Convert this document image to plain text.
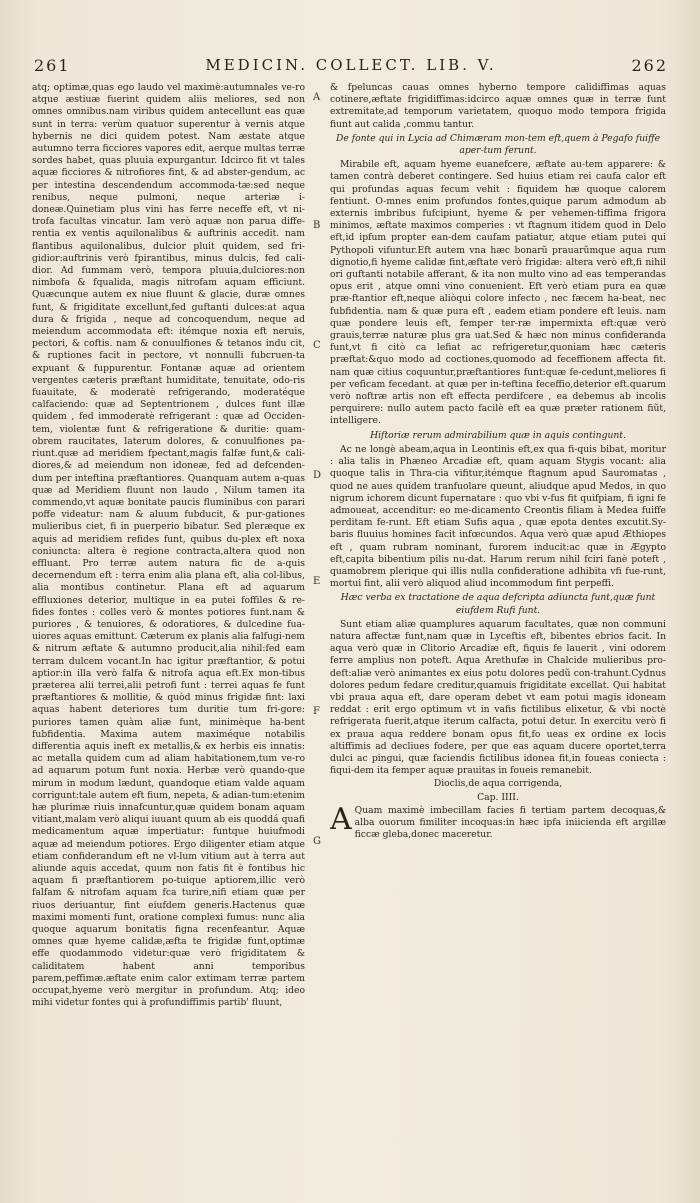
261	MEDICIN. COLLECT. LIB. V.	262

atq; optimæ,quas ego laudo vel maximè:autumnales ve-ro atque æstiuæ fuerint quidem aliis meliores, sed non omnes omnibus.nam viribus quidem antecellunt eas quæ sunt in terra: verùm quatuor superentur à vernis atque hybernis ne dici quidem potest. Nam æstate atque autumno terra ficciores vapores edit, aerque multas terræ sordes habet, quas pluuia expurgantur. Idcirco fit vt tales aquæ ficciores & nitrofiores fint, & ad abster-gendum, ac per intestina descendendum accommoda-tæ:sed neque renibus, neque pulmoni, neque arteriæ i-doneæ.Quinetiam plus vini has ferre neceffe eft, vt ni-trofa facultas vincatur. Iam verò aquæ non parua diffe-rentia ex ventis aquilonalibus & auftrinis accedit. nam flantibus aquilonalibus, dulcior pluit quidem, sed fri-gidior:auftrinis verò fpirantibus, minus dulcis, fed cali-dior. Ad fummam verò, tempora pluuia,dulciores:non nimbofa & fqualida, magis nitrofam aquam efficiunt. Quæcunque autem ex niue fluunt & glacie, duræ omnes funt, & frigiditate excellunt,fed guftanti dulces:at aqua dura & frigida , neque ad concoquendum, neque ad meiendum accommodata eft: itémque noxia eft neruis, pectori, & coftis. nam & conuulfiones & tetanos indu cit, & ruptiones facit in pectore, vt nonnulli fubcruen-ta expuant & fuppurentur. Fontanæ aquæ ad orientem vergentes cæteris præftant humiditate, tenuitate, odo-ris fuauitate, & moderatè refrigerando, moderatéque calfaciendo: quæ ad Septentrionem , dulces funt illæ quidem , fed immoderatè refrigerant : quæ ad Occiden-tem, violentæ funt & refrigeratione & duritie: quam-obrem raucitates, laterum dolores, & conuulfiones pa-riunt.quæ ad meridiem fpectant,magis falfæ funt,& cali-diores,& ad meiendum non idoneæ, fed ad defcenden-dum per inteftina præftantiores. Quanquam autem a-quas quæ ad Meridiem fluunt non laudo , Nilum tamen ita commendo,vt aquæ bonitate paucis fluminibus con parari poffe videatur: nam & aluum fubducit, & pur-gationes mulieribus ciet, fi in puerperio bibatur. Sed pleræque ex aquis ad meridiem refides funt, quibus du-plex eft noxa coniuncta: altera è regione contracta,altera quod non effluant. Pro terræ autem natura fic de a-quis decernendum eft : terra enim alia plana eft, alia col-libus, alia montibus continetur. Plana eft ad aquarum effluxiones deterior, multique in ea putei foffiles & re-fides fontes : colles verò & montes potiores funt.nam & puriores , & tenuiores, & odoratiores, & dulcedine fua-uiores aquas emittunt. Cæterum ex planis alia falfugi-nem & nitrum æftate & autumno producit,alia nihil:fed eam terram dulcem vocant.In hac igitur præftantior, & potui aptior:in illa verò falfa & nitrofa aqua eft.Ex mon-tibus præterea alii terrei,alii petrofi funt : terrei aquas fe funt præftantiores & mollitie, & quòd minus frigidæ fint: laxi aquas habent deteriores tum duritie tum fri-gore: puriores tamen quàm aliæ funt, minimèque ha-bent fubfidentia. Maxima autem maximéque notabilis differentia aquis ineft ex metallis,& ex herbis eis innatis: ac metalla quidem cum ad aliam habitationem,tum ve-ro ad aquarum potum funt noxia. Herbæ verò quando-que mirum in modum lædunt, quandoque etiam valde aquam corrigunt:tale autem eft fium, nepeta, & adian-tum:etenim hæ plurimæ riuis innafcuntur,quæ quidem bonam aquam vitiant,malam verò aliqui iuuant quum ab eis quoddá quafi medicamentum aquæ impertiatur: funtque huiufmodi aquæ ad meiendum potiores. Ergo diligenter etiam atque etiam confiderandum eft ne vl-lum vitium aut à terra aut aliunde aquis accedat, quum non fatis fit è fontibus hic aquam fi præftantiorem po-tuique aptiorem,illic verò falfam & nitrofam aquam fca turire,nifi etiam quæ per riuos deriuantur, fint eiufdem generis.Hactenus quæ maximi momenti funt, oratione complexi fumus: nunc alia quoque aquarum bonitatis figna recenfeantur. Aquæ omnes quæ hyeme calidæ,æfta te frigidæ funt,optimæ effe quodammodo videtur:quæ verò frigiditatem & caliditatem habent anni temporibus parem,peffimæ.æftate enim calor extimam terræ partem occupat,hyeme verò mergitur in profundum. Atq; ideo mihi videtur fontes qui à profundiffimis partib' fluunt,

A
B
C
D
E
F
G

& fpeluncas cauas omnes hyberno tempore calidiffimas aquas cotinere,æftate frigidiffimas:idcirco aquæ omnes quæ in terræ funt extremitate,ad temporum varietatem, quoquo modo tempora frigida fiunt aut calida ,commu tantur.

De fonte qui in Lycia ad Chimæram mon-tem eft,quem à Pegafo fuiffe aper-tum ferunt.

Mirabile eft, aquam hyeme euanefcere, æftate au-tem apparere: & tamen contrà deberet contingere. Sed huius etiam rei caufa calor eft qui profundas aquas fecum vehit : fiquidem hæ quoque calorem fentiunt. O-mnes enim profundos fontes,quique parum admodum ab externis imbribus fufcipiunt, hyeme & per vehemen-tiffima frigora minimos, æftate maximos comperies : vt ftagnum itidem quod in Delo eft,id ipfum propter ean-dem caufam patiatur, atque etiam putei qui Pythopoli vifuntur.Eft autem vna hæc bonarũ prauarũmque aqua rum dignotio,fi hyeme calidæ fint,æftate verò frigidæ: altera verò eft,fi nihil ori guftanti notabile afferant, & ita non multo vino ad eas temperandas opus erit , atque omni vino conuenient. Eft verò etiam pura ea quæ præ-ftantior eft,neque aliòqui colore infecto , nec fæcem ha-beat, nec fubfidentia. nam & quæ pura eft , eadem etiam pondere eft leuis. nam quæ pondere leuis eft, femper ter-ræ impermixta eft:quæ verò grauis,terræ naturæ plus gra uat.Sed & hæc non minus confideranda funt,vt fi citò ca lefiat ac refrigeretur,quoniam hæc cæteris præftat:&quo modo ad coctiones,quomodo ad feceffionem affecta fit. nam quæ citius coquuntur,præftantiores funt:quæ fe-cedunt,meliores fi per vefìcam fecedant. at quæ per in-teftina feceffio,deterior eft.quarum verò noftræ artis non eft effecta perdifcere , ea debemus ab incolis perquirere: nullo autem pacto facilè eft ea quæ præter rationem fiũt, intelligere.

Hiftoriæ rerum admirabilium quæ in aquis contingunt.

Ac ne longè abeam,aqua in Leontinis eft,ex qua fi-quis bibat, moritur : alia talis in Phæneo Arcadiæ eft, quam aquam Stygis vocant: alia quoque talis in Thra-cia vifitur,itémque ftagnum apud Sauromatas , quod ne aues quidem tranfuolare queunt, aliudque apud Medos, in quo nigrum ichorem dicunt fupernatare : quo vbi v-fus fit quifpiam, fi igni fe admoueat, accenditur: eo me-dicamento Creontis filiam à Medea fuiffe perditam fe-runt. Eft etiam Sufis aqua , quæ epota dentes excutit.Sy-baris fluuius homines facit infœcundos. Aqua verò quæ apud Æthiopes eft , quam rubram nominant, furorem inducit:ac quæ in Ægypto eft,capita bibentium pilis nu-dat. Harum rerum nihil fciri fanè poteft , quamobrem plerique qui illis nulla confideratione adhibita vfi fue-runt, mortui fint, alii verò aliquod aliud incommodum fint perpeffi.

Hæc verba ex tractatione de aqua defcripta adiuncta funt,quæ funt eiufdem Rufi funt.

Sunt etiam aliæ quamplures aquarum facultates, quæ non communi natura affectæ funt,nam quæ in Lyceftis eft, bibentes ebrios facit. In aqua verò quæ in Clitorio Arcadiæ eft, fiquis fe lauerit , vini odorem ferre amplius non poteft. Aqua Arethufæ in Chalcide mulieribus pro-deft:aliæ verò animantes ex eius potu dolores pedũ con-trahunt.Cydnus dolores pedum fedare creditur,quamuis frigiditate excellat. Qui habitat vbi praua aqua eft, dare operam debet vt eam potui magis idoneam reddat : erit ergo optimum vt in vafis fictilibus elixetur, & vbi noctè refrigerata fuerit,atque iterum calfacta, potui detur. In exercitu verò fi ex praua aqua reddere bonam opus fit,fo ueas ex ordine ex locis altiffimis ad decliues fodere, per que eas aquam ducere oportet,terra dulci ac pingui, quæ faciendis fictilibus idonea fit,in foueas coniecta : fiqui-dem ita femper aquæ prauitas in foueis remanebit.

Dioclis,de aqua corrigenda,

Cap. IIII.

A Quam maximè imbecillam facies fi tertiam partem decoquas,& alba ouorum fimiliter incoquas:in hæc ipfa iniicienda eft argillæ ficcæ gleba,donec maceretur.
